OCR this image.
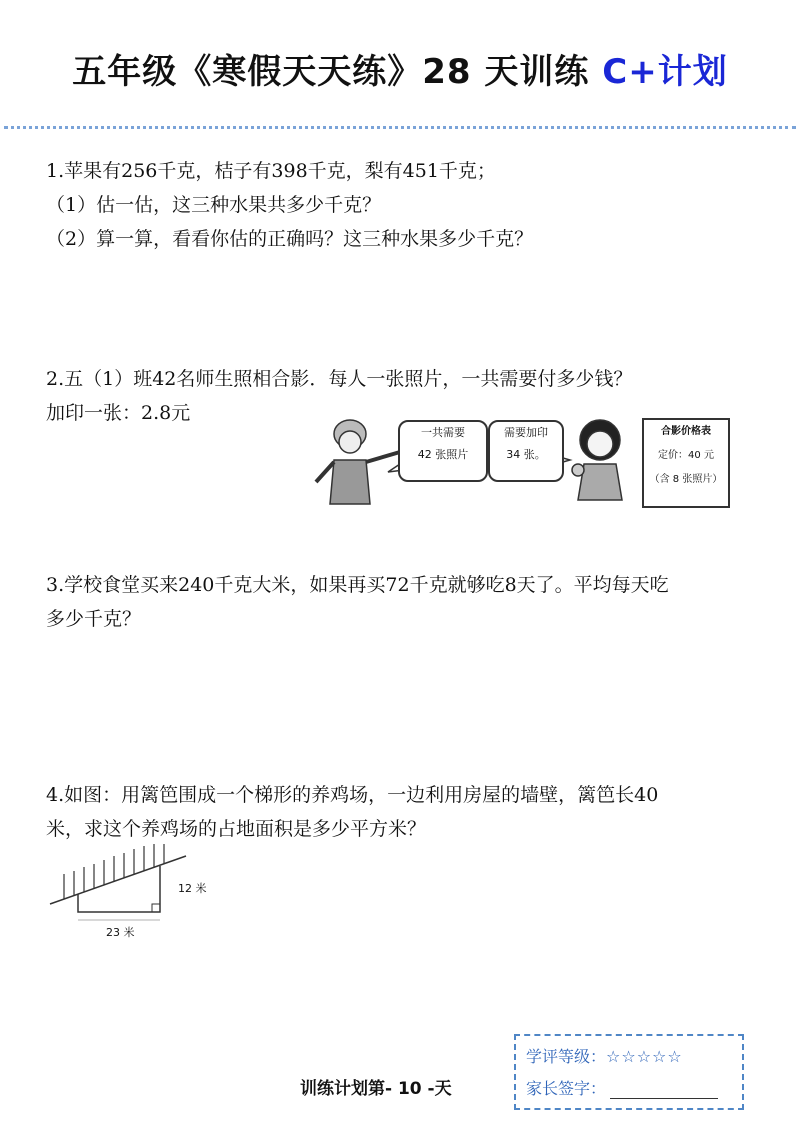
五年级《寒假天天练》28 天训练 C+计划
1.苹果有256千克，桔子有398千克，梨有451千克；
（1）估一估，这三种水果共多少千克？
（2）算一算，看看你估的正确吗？这三种水果多少千克？
2.五（1）班42名师生照相合影．每人一张照片，一共需要付多少钱？
加印一张：2.8元
一共需要
42 张照片
需要加印
34 张。
合影价格表
定价：40 元
（含 8 张照片）
3.学校食堂买来240千克大米，如果再买72千克就够吃8天了。平均每天吃
多少千克？
4.如图：用篱笆围成一个梯形的养鸡场，一边利用房屋的墙壁，篱笆长40
米，求这个养鸡场的占地面积是多少平方米？
12 米
23 米
训练计划第- 10 -天
学评等级：☆☆☆☆☆
家长签字：
